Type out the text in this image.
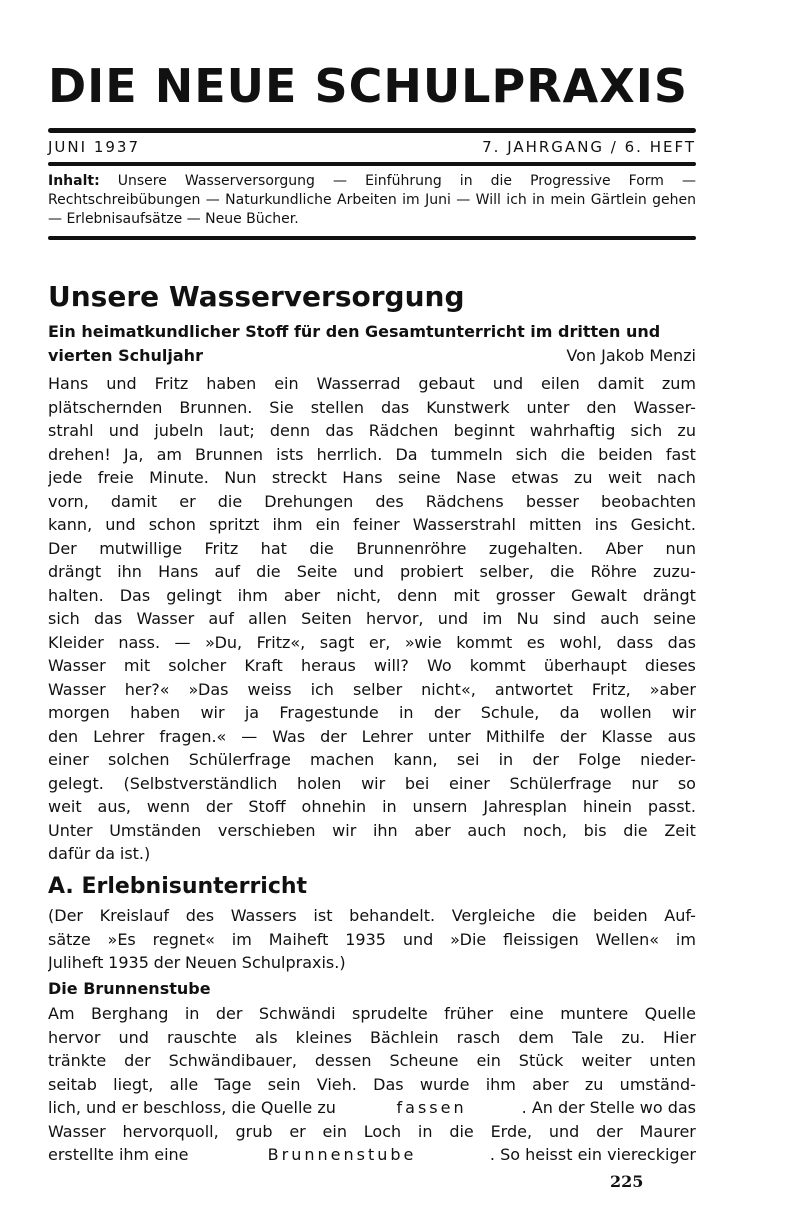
DIE NEUE SCHULPRAXIS
JUNI 1937	7. JAHRGANG / 6. HEFT
Inhalt: Unsere Wasserversorgung — Einführung in die Progressive Form — Rechtschreibübungen — Naturkundliche Arbeiten im Juni — Will ich in mein Gärtlein gehen — Erlebnisaufsätze — Neue Bücher.
Unsere Wasserversorgung
Ein heimatkundlicher Stoff für den Gesamtunterricht im dritten und
vierten Schuljahr	Von Jakob Menzi
Hans und Fritz haben ein Wasserrad gebaut und eilen damit zum
plätschernden Brunnen. Sie stellen das Kunstwerk unter den Wasser-
strahl und jubeln laut; denn das Rädchen beginnt wahrhaftig sich zu
drehen! Ja, am Brunnen ists herrlich. Da tummeln sich die beiden fast
jede freie Minute. Nun streckt Hans seine Nase etwas zu weit nach
vorn, damit er die Drehungen des Rädchens besser beobachten
kann, und schon spritzt ihm ein feiner Wasserstrahl mitten ins Gesicht.
Der mutwillige Fritz hat die Brunnenröhre zugehalten. Aber nun
drängt ihn Hans auf die Seite und probiert selber, die Röhre zuzu-
halten. Das gelingt ihm aber nicht, denn mit grosser Gewalt drängt
sich das Wasser auf allen Seiten hervor, und im Nu sind auch seine
Kleider nass. — »Du, Fritz«, sagt er, »wie kommt es wohl, dass das
Wasser mit solcher Kraft heraus will? Wo kommt überhaupt dieses
Wasser her?« »Das weiss ich selber nicht«, antwortet Fritz, »aber
morgen haben wir ja Fragestunde in der Schule, da wollen wir
den Lehrer fragen.« — Was der Lehrer unter Mithilfe der Klasse aus
einer solchen Schülerfrage machen kann, sei in der Folge nieder-
gelegt. (Selbstverständlich holen wir bei einer Schülerfrage nur so
weit aus, wenn der Stoff ohnehin in unsern Jahresplan hinein passt.
Unter Umständen verschieben wir ihn aber auch noch, bis die Zeit
dafür da ist.)
A. Erlebnisunterricht
(Der Kreislauf des Wassers ist behandelt. Vergleiche die beiden Auf-
sätze »Es regnet« im Maiheft 1935 und »Die fleissigen Wellen« im
Juliheft 1935 der Neuen Schulpraxis.)
Die Brunnenstube
Am Berghang in der Schwändi sprudelte früher eine muntere Quelle
hervor und rauschte als kleines Bächlein rasch dem Tale zu. Hier
tränkte der Schwändibauer, dessen Scheune ein Stück weiter unten
seitab liegt, alle Tage sein Vieh. Das wurde ihm aber zu umständ-
lich, und er beschloss, die Quelle zu	fassen	. An der Stelle wo das
Wasser hervorquoll, grub er ein Loch in die Erde, und der Maurer
erstellte ihm eine	Brunnenstube	. So heisst ein viereckiger
225
